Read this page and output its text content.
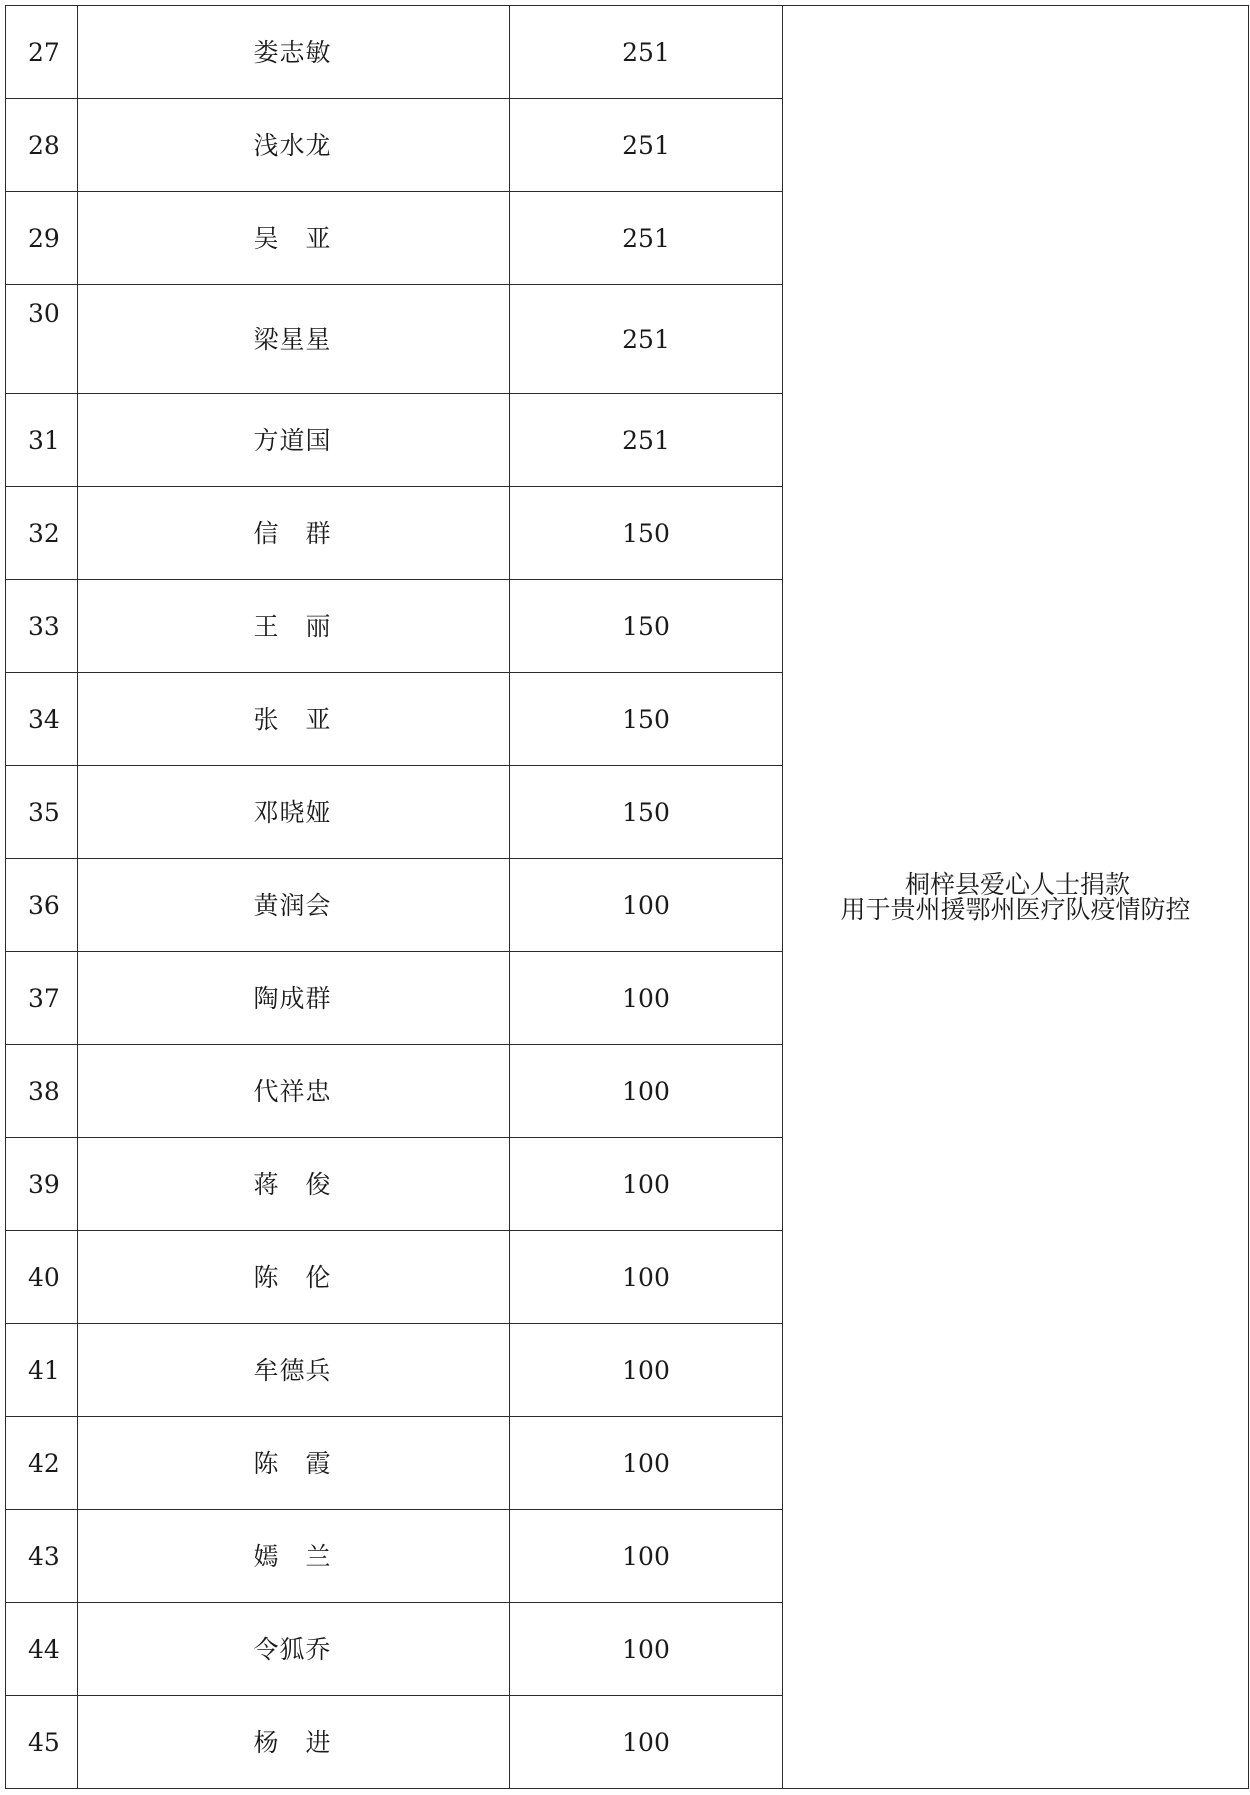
27	娄志敏	251	桐梓县爱心人士捐款
用于贵州援鄂州医疗队疫情防控

28	浅水龙	251	
29	吴　亚	251	
30	梁星星	251	
31	方道国	251	
32	信　群	150	
33	王　丽	150	
34	张　亚	150	
35	邓晓娅	150	
36	黄润会	100	
37	陶成群	100	
38	代祥忠	100	
39	蒋　俊	100	
40	陈　伦	100	
41	牟德兵	100	
42	陈　霞	100	
43	嫣　兰	100	
44	令狐乔	100	
45	杨　进	100	
